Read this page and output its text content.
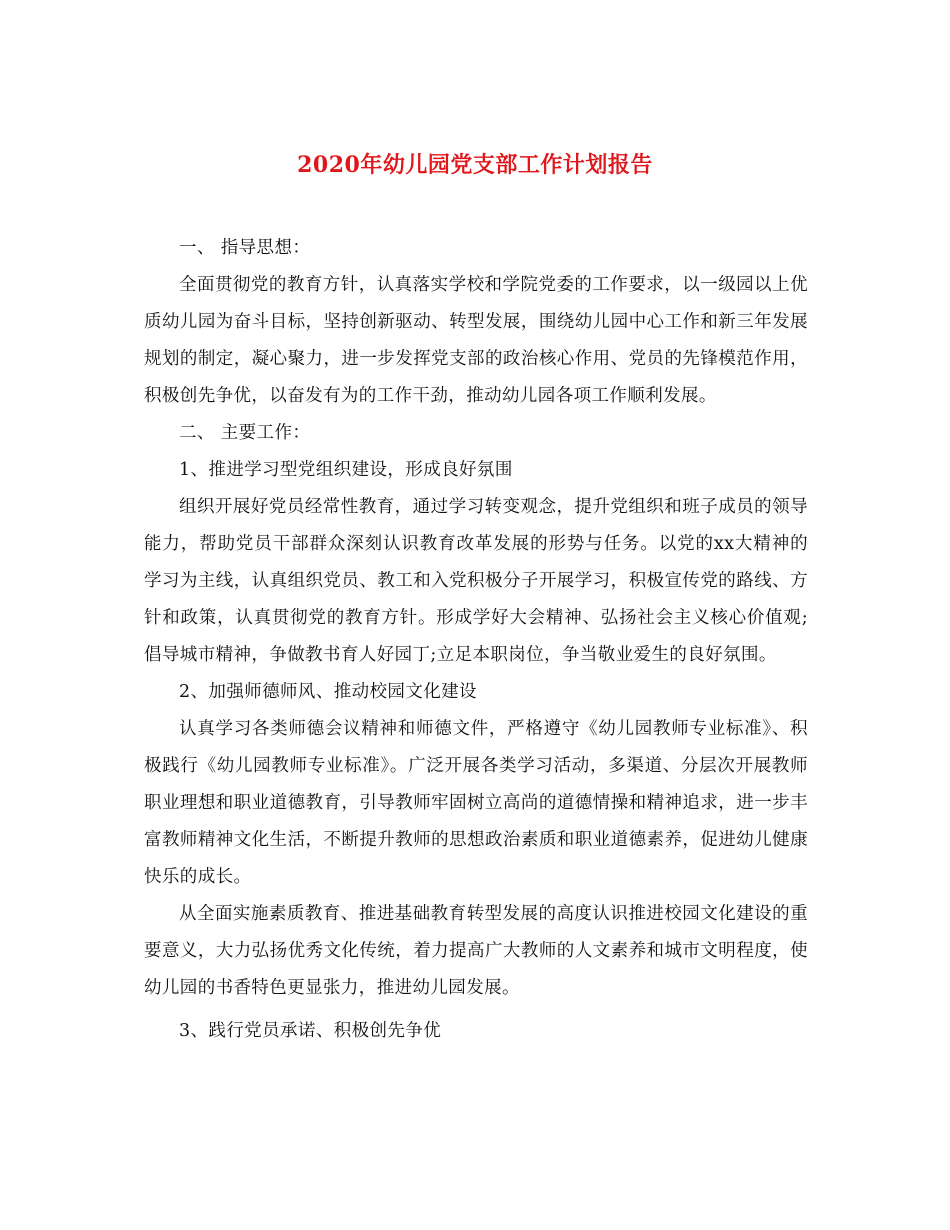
2020年幼儿园党支部工作计划报告

一、 指导思想：

全面贯彻党的教育方针，认真落实学校和学院党委的工作要求，以一级园以上优质幼儿园为奋斗目标，坚持创新驱动、转型发展，围绕幼儿园中心工作和新三年发展规划的制定，凝心聚力，进一步发挥党支部的政治核心作用、党员的先锋模范作用，积极创先争优，以奋发有为的工作干劲，推动幼儿园各项工作顺利发展。

二、 主要工作：

1、推进学习型党组织建设，形成良好氛围

组织开展好党员经常性教育，通过学习转变观念，提升党组织和班子成员的领导能力，帮助党员干部群众深刻认识教育改革发展的形势与任务。以党的xx大精神的学习为主线，认真组织党员、教工和入党积极分子开展学习，积极宣传党的路线、方针和政策，认真贯彻党的教育方针。形成学好大会精神、弘扬社会主义核心价值观;倡导城市精神，争做教书育人好园丁;立足本职岗位，争当敬业爱生的良好氛围。

2、加强师德师风、推动校园文化建设

认真学习各类师德会议精神和师德文件，严格遵守《幼儿园教师专业标准》、积极践行《幼儿园教师专业标准》。广泛开展各类学习活动，多渠道、分层次开展教师职业理想和职业道德教育，引导教师牢固树立高尚的道德情操和精神追求，进一步丰富教师精神文化生活，不断提升教师的思想政治素质和职业道德素养，促进幼儿健康快乐的成长。

从全面实施素质教育、推进基础教育转型发展的高度认识推进校园文化建设的重要意义，大力弘扬优秀文化传统，着力提高广大教师的人文素养和城市文明程度，使幼儿园的书香特色更显张力，推进幼儿园发展。

3、践行党员承诺、积极创先争优
